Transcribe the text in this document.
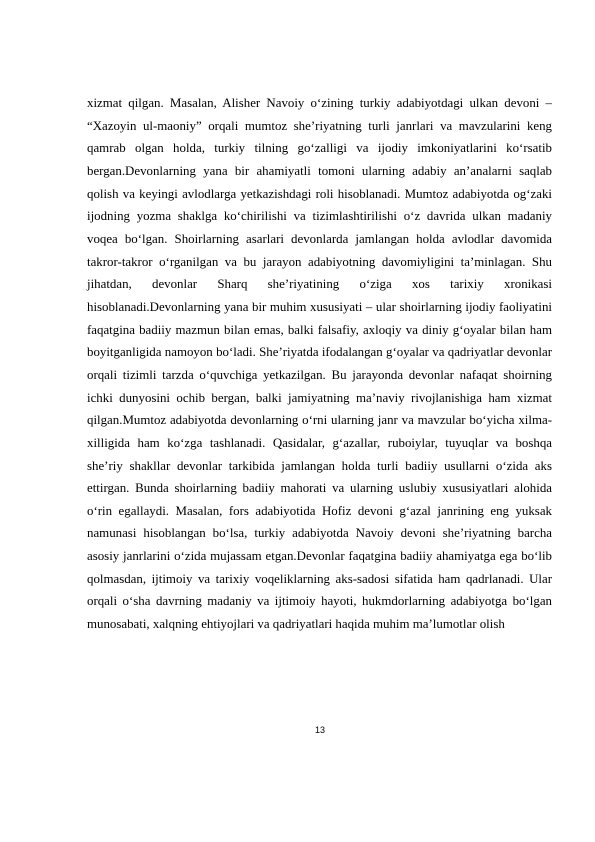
xizmat qilgan. Masalan, Alisher Navoiy o‘zining turkiy adabiyotdagi ulkan devoni – “Xazoyin ul-maoniy” orqali mumtoz she’riyatning turli janrlari va mavzularini keng qamrab olgan holda, turkiy tilning go‘zalligi va ijodiy imkoniyatlarini ko‘rsatib bergan.Devonlarning yana bir ahamiyatli tomoni ularning adabiy an’analarni saqlab qolish va keyingi avlodlarga yetkazishdagi roli hisoblanadi. Mumtoz adabiyotda og‘zaki ijodning yozma shaklga ko‘chirilishi va tizimlashtirilishi o‘z davrida ulkan madaniy voqea bo‘lgan. Shoirlarning asarlari devonlarda jamlangan holda avlodlar davomida takror-takror o‘rganilgan va bu jarayon adabiyotning davomiyligini ta’minlagan. Shu jihatdan, devonlar Sharq she’riyatining o‘ziga xos tarixiy xronikasi hisoblanadi.Devonlarning yana bir muhim xususiyati – ular shoirlarning ijodiy faoliyatini faqatgina badiiy mazmun bilan emas, balki falsafiy, axloqiy va diniy g‘oyalar bilan ham boyitganligida namoyon bo‘ladi. She’riyatda ifodalangan g‘oyalar va qadriyatlar devonlar orqali tizimli tarzda o‘quvchiga yetkazilgan. Bu jarayonda devonlar nafaqat shoirning ichki dunyosini ochib bergan, balki jamiyatning ma’naviy rivojlanishiga ham xizmat qilgan.Mumtoz adabiyotda devonlarning o‘rni ularning janr va mavzular bo‘yicha xilma-xilligida ham ko‘zga tashlanadi. Qasidalar, g‘azallar, ruboiylar, tuyuqlar va boshqa she’riy shakllar devonlar tarkibida jamlangan holda turli badiiy usullarni o‘zida aks ettirgan. Bunda shoirlarning badiiy mahorati va ularning uslubiy xususiyatlari alohida o‘rin egallaydi. Masalan, fors adabiyotida Hofiz devoni g‘azal janrining eng yuksak namunasi hisoblangan bo‘lsa, turkiy adabiyotda Navoiy devoni she’riyatning barcha asosiy janrlarini o‘zida mujassam etgan.Devonlar faqatgina badiiy ahamiyatga ega bo‘lib qolmasdan, ijtimoiy va tarixiy voqeliklarning aks-sadosi sifatida ham qadrlanadi. Ular orqali o‘sha davrning madaniy va ijtimoiy hayoti, hukmdorlarning adabiyotga bo‘lgan munosabati, xalqning ehtiyojlari va qadriyatlari haqida muhim ma’lumotlar olish
13
